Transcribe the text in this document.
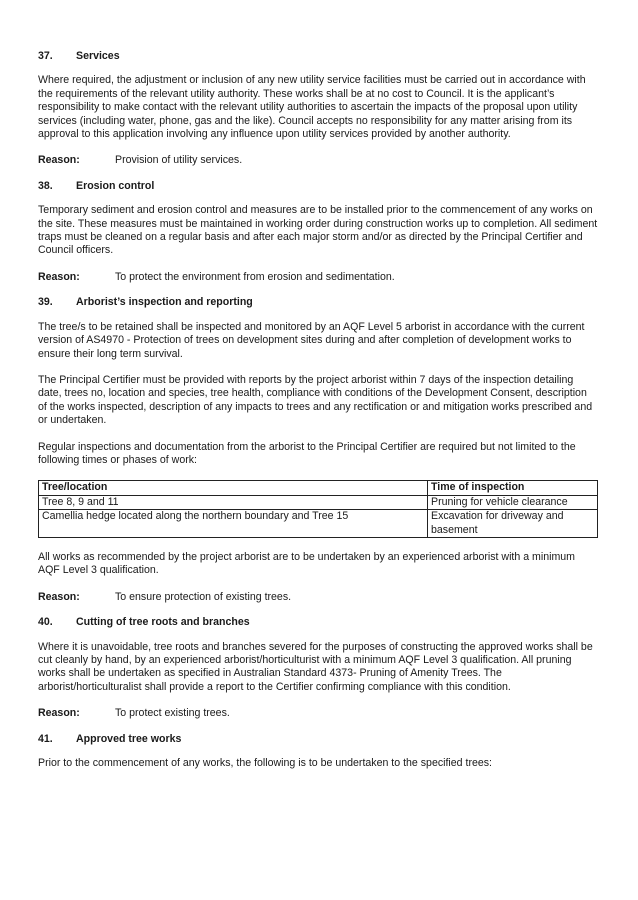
37.	Services

Where required, the adjustment or inclusion of any new utility service facilities must be carried out in accordance with the requirements of the relevant utility authority. These works shall be at no cost to Council. It is the applicant’s responsibility to make contact with the relevant utility authorities to ascertain the impacts of the proposal upon utility services (including water, phone, gas and the like). Council accepts no responsibility for any matter arising from its approval to this application involving any influence upon utility services provided by another authority.

Reason:	Provision of utility services.
38.	Erosion control

Temporary sediment and erosion control and measures are to be installed prior to the commencement of any works on the site. These measures must be maintained in working order during construction works up to completion. All sediment traps must be cleaned on a regular basis and after each major storm and/or as directed by the Principal Certifier and Council officers.

Reason:	To protect the environment from erosion and sedimentation.
39.	Arborist’s inspection and reporting

The tree/s to be retained shall be inspected and monitored by an AQF Level 5 arborist in accordance with the current version of AS4970 - Protection of trees on development sites during and after completion of development works to ensure their long term survival.

The Principal Certifier must be provided with reports by the project arborist within 7 days of the inspection detailing date, trees no, location and species, tree health, compliance with conditions of the Development Consent, description of the works inspected, description of any impacts to trees and any rectification or and mitigation works prescribed and or undertaken.

Regular inspections and documentation from the arborist to the Principal Certifier are required but not limited to the following times or phases of work:

Tree/location	Time of inspection
Tree 8, 9 and 11	Pruning for vehicle clearance
Camellia hedge located along the northern boundary and Tree 15	Excavation for driveway and basement

All works as recommended by the project arborist are to be undertaken by an experienced arborist with a minimum AQF Level 3 qualification.

Reason:	To ensure protection of existing trees.
40.	Cutting of tree roots and branches

Where it is unavoidable, tree roots and branches severed for the purposes of constructing the approved works shall be cut cleanly by hand, by an experienced arborist/horticulturist with a minimum AQF Level 3 qualification. All pruning works shall be undertaken as specified in Australian Standard 4373- Pruning of Amenity Trees. The arborist/horticulturalist shall provide a report to the Certifier confirming compliance with this condition.

Reason:	To protect existing trees.
41.	Approved tree works

Prior to the commencement of any works, the following is to be undertaken to the specified trees:
